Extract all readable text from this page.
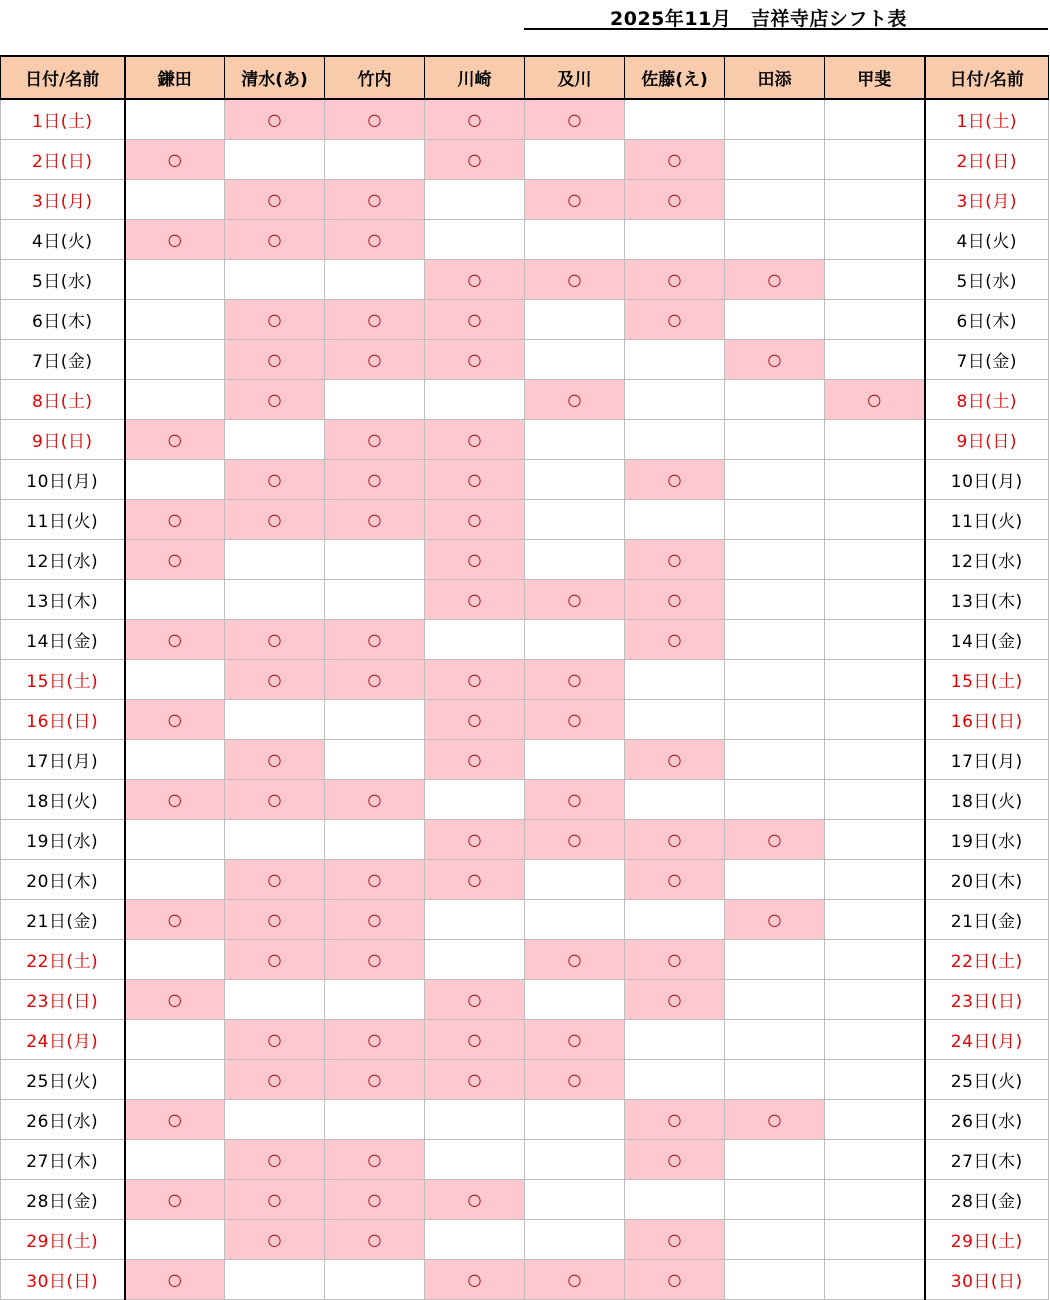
2025年11月　吉祥寺店シフト表
日付/名前	鎌田	清水(あ)	竹内	川崎	及川	佐藤(え)	田添	甲斐	日付/名前
1日(土)		○	○	○	○				1日(土)
2日(日)	○			○		○			2日(日)
3日(月)		○	○		○	○			3日(月)
4日(火)	○	○	○						4日(火)
5日(水)				○	○	○	○		5日(水)
6日(木)		○	○	○		○			6日(木)
7日(金)		○	○	○			○		7日(金)
8日(土)		○			○			○	8日(土)
9日(日)	○		○	○					9日(日)
10日(月)		○	○	○		○			10日(月)
11日(火)	○	○	○	○					11日(火)
12日(水)	○			○		○			12日(水)
13日(木)				○	○	○			13日(木)
14日(金)	○	○	○			○			14日(金)
15日(土)		○	○	○	○				15日(土)
16日(日)	○			○	○				16日(日)
17日(月)		○		○		○			17日(月)
18日(火)	○	○	○		○				18日(火)
19日(水)				○	○	○	○		19日(水)
20日(木)		○	○	○		○			20日(木)
21日(金)	○	○	○				○		21日(金)
22日(土)		○	○		○	○			22日(土)
23日(日)	○			○		○			23日(日)
24日(月)		○	○	○	○				24日(月)
25日(火)		○	○	○	○				25日(火)
26日(水)	○					○	○		26日(水)
27日(木)		○	○			○			27日(木)
28日(金)	○	○	○	○					28日(金)
29日(土)		○	○			○			29日(土)
30日(日)	○			○	○	○			30日(日)
